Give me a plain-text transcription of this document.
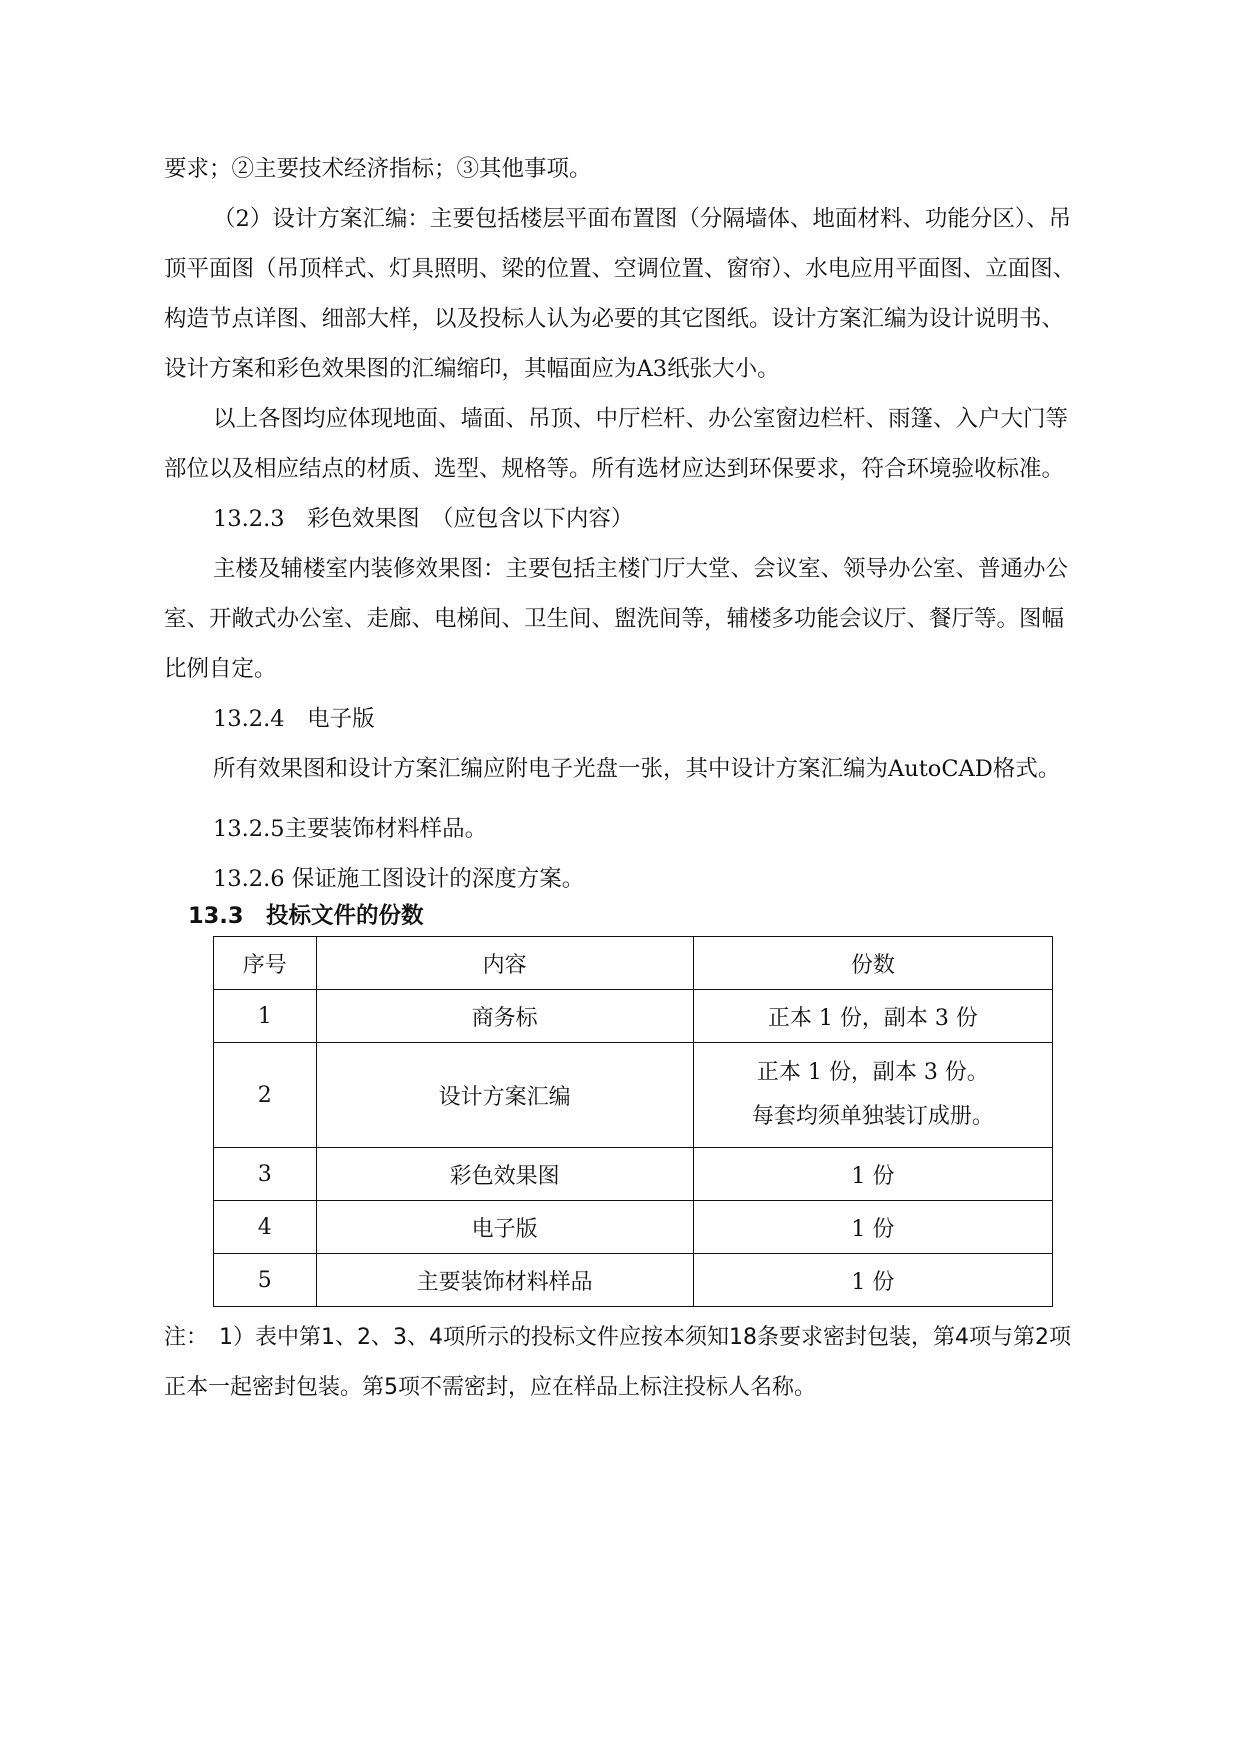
要求；②主要技术经济指标；③其他事项。

（2）设计方案汇编：主要包括楼层平面布置图（分隔墙体、地面材料、功能分区）、吊顶平面图（吊顶样式、灯具照明、梁的位置、空调位置、窗帘）、水电应用平面图、立面图、构造节点详图、细部大样，以及投标人认为必要的其它图纸。设计方案汇编为设计说明书、设计方案和彩色效果图的汇编缩印，其幅面应为A3纸张大小。

以上各图均应体现地面、墙面、吊顶、中厅栏杆、办公室窗边栏杆、雨篷、入户大门等部位以及相应结点的材质、选型、规格等。所有选材应达到环保要求，符合环境验收标准。

13.2.3　彩色效果图　（应包含以下内容）

主楼及辅楼室内装修效果图：主要包括主楼门厅大堂、会议室、领导办公室、普通办公室、开敞式办公室、走廊、电梯间、卫生间、盥洗间等，辅楼多功能会议厅、餐厅等。图幅比例自定。

13.2.4　电子版

所有效果图和设计方案汇编应附电子光盘一张，其中设计方案汇编为AutoCAD格式。

13.2.5主要装饰材料样品。

13.2.6 保证施工图设计的深度方案。

13.3　投标文件的份数
序号	内容	份数
1	商务标	正本 1 份，副本 3 份
2	设计方案汇编	正本 1 份，副本 3 份。
每套均须单独装订成册。

3	彩色效果图	1 份
4	电子版	1 份
5	主要装饰材料样品	1 份

注：　1）表中第1、2、3、4项所示的投标文件应按本须知18条要求密封包装，第4项与第2项正本一起密封包装。第5项不需密封，应在样品上标注投标人名称。
